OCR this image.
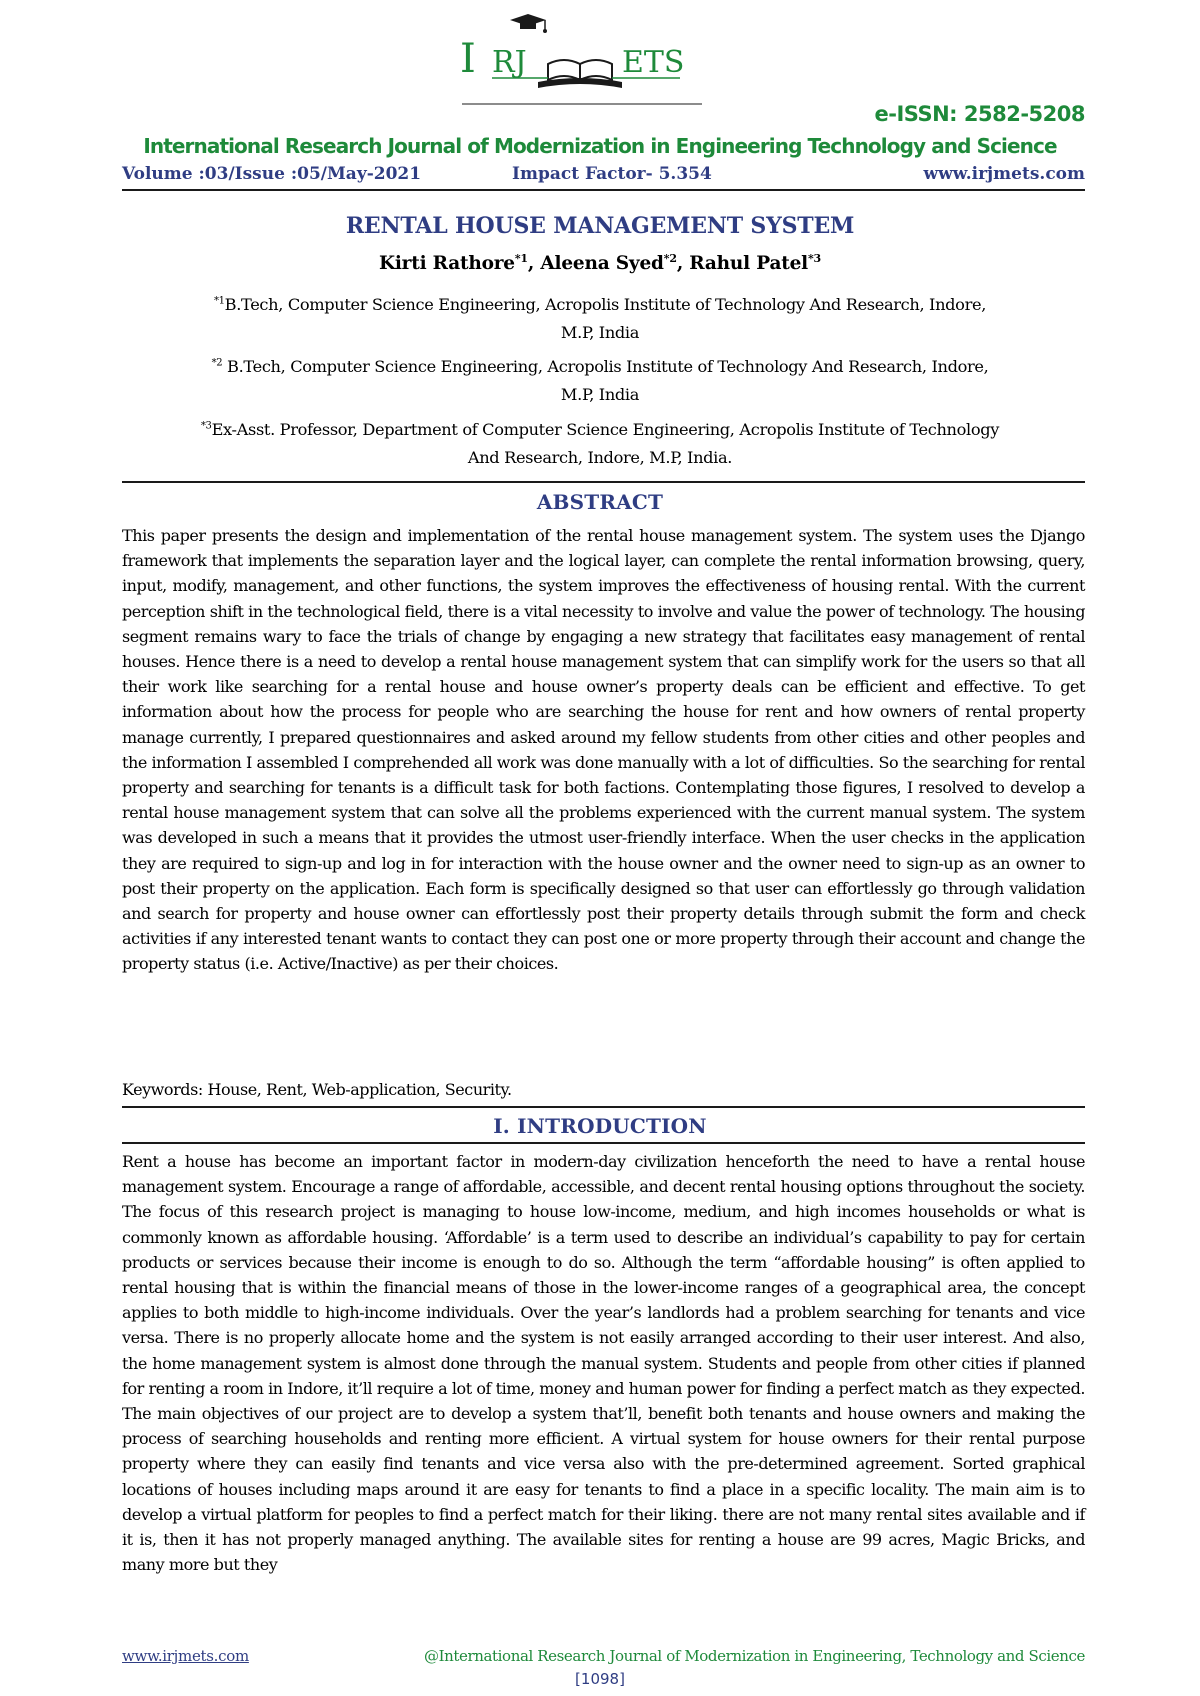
I RJ	ETS
e-ISSN: 2582-5208
International Research Journal of Modernization in Engineering Technology and Science
Volume :03/Issue :05/May-2021	Impact Factor- 5.354	www.irjmets.com
RENTAL HOUSE MANAGEMENT SYSTEM
Kirti Rathore$^{*1}$, Aleena Syed$^{*2}$, Rahul Patel$^{*3}$
$^{*1}$B.Tech, Computer Science Engineering, Acropolis Institute of Technology And Research, Indore,
M.P, India
$^{*2}$ B.Tech, Computer Science Engineering, Acropolis Institute of Technology And Research, Indore,
M.P, India
$^{*3}$Ex-Asst. Professor, Department of Computer Science Engineering, Acropolis Institute of Technology
And Research, Indore, M.P, India.
ABSTRACT
This paper presents the design and implementation of the rental house management system. The system uses the Django framework that implements the separation layer and the logical layer, can complete the rental information browsing, query, input, modify, management, and other functions, the system improves the effectiveness of housing rental. With the current perception shift in the technological field, there is a vital necessity to involve and value the power of technology. The housing segment remains wary to face the trials of change by engaging a new strategy that facilitates easy management of rental houses. Hence there is a need to develop a rental house management system that can simplify work for the users so that all their work like searching for a rental house and house owner’s property deals can be efficient and effective. To get information about how the process for people who are searching the house for rent and how owners of rental property manage currently, I prepared questionnaires and asked around my fellow students from other cities and other peoples and the information I assembled I comprehended all work was done manually with a lot of difficulties. So the searching for rental property and searching for tenants is a difficult task for both factions. Contemplating those figures, I resolved to develop a rental house management system that can solve all the problems experienced with the current manual system. The system was developed in such a means that it provides the utmost user-friendly interface. When the user checks in the application they are required to sign-up and log in for interaction with the house owner and the owner need to sign-up as an owner to post their property on the application. Each form is specifically designed so that user can effortlessly go through validation and search for property and house owner can effortlessly post their property details through submit the form and check activities if any interested tenant wants to contact they can post one or more property through their account and change the property status (i.e. Active/Inactive) as per their choices.
Keywords: House, Rent, Web-application, Security.
I. INTRODUCTION
Rent a house has become an important factor in modern-day civilization henceforth the need to have a rental house management system. Encourage a range of affordable, accessible, and decent rental housing options throughout the society. The focus of this research project is managing to house low-income, medium, and high incomes households or what is commonly known as affordable housing. ‘Affordable’ is a term used to describe an individual’s capability to pay for certain products or services because their income is enough to do so. Although the term “affordable housing” is often applied to rental housing that is within the financial means of those in the lower-income ranges of a geographical area, the concept applies to both middle to high-income individuals. Over the year’s landlords had a problem searching for tenants and vice versa. There is no properly allocate home and the system is not easily arranged according to their user interest. And also, the home management system is almost done through the manual system. Students and people from other cities if planned for renting a room in Indore, it’ll require a lot of time, money and human power for finding a perfect match as they expected. The main objectives of our project are to develop a system that’ll, benefit both tenants and house owners and making the process of searching households and renting more efficient. A virtual system for house owners for their rental purpose property where they can easily find tenants and vice versa also with the pre-determined agreement. Sorted graphical locations of houses including maps around it are easy for tenants to find a place in a specific locality. The main aim is to develop a virtual platform for peoples to find a perfect match for their liking. there are not many rental sites available and if it is, then it has not properly managed anything. The available sites for renting a house are 99 acres, Magic Bricks, and many more but they
www.irjmets.com	@International Research Journal of Modernization in Engineering, Technology and Science
[1098]
